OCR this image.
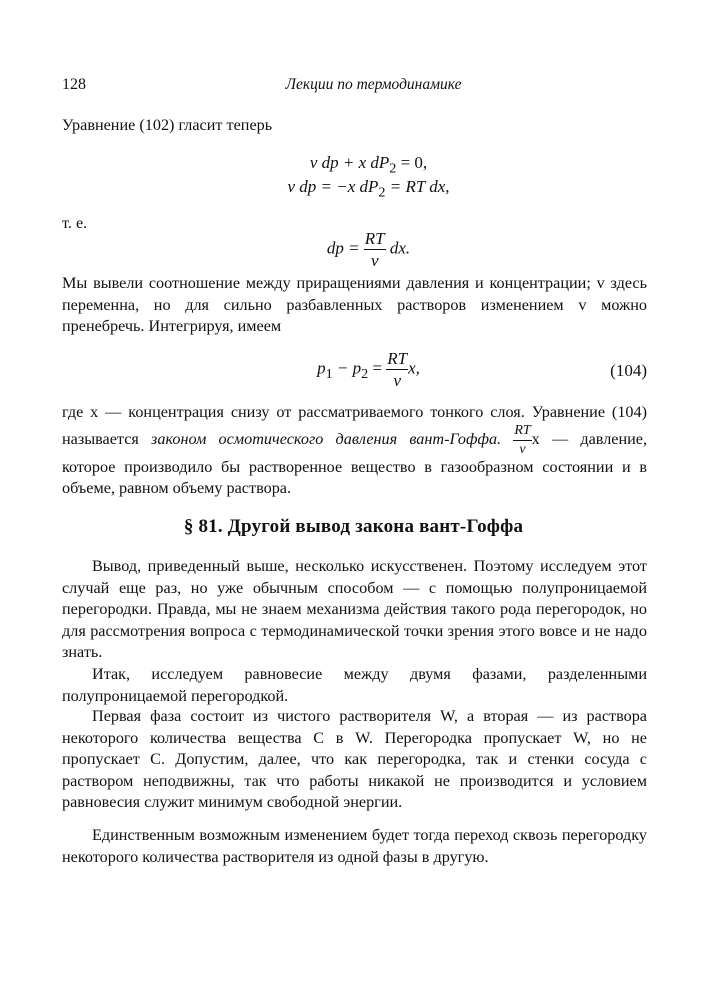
128	Лекции по термодинамике
Уравнение (102) гласит теперь
v dp + x $dP_2 = 0$,
v dp = −x $dP_2$ = RT dx,
т. е.
dp = $\frac{RT}{v}$ dx.
Мы вывели соотношение между приращениями давления и концентрации; v здесь переменна, но для сильно разбавленных растворов изменением v можно пренебречь. Интегрируя, имеем
$p_1 - p_2 = \frac{RT}{v} x$,	(104)
где x — концентрация снизу от рассматриваемого тонкого слоя. Уравнение (104) называется законом осмотического давления вант-Гоффа. $\frac{RT}{v}$ x — давление, которое производило бы растворенное вещество в газообразном состоянии и в объеме, равном объему раствора.
§ 81. Другой вывод закона вант-Гоффа
Вывод, приведенный выше, несколько искусственен. Поэтому исследуем этот случай еще раз, но уже обычным способом — с помощью полупроницаемой перегородки. Правда, мы не знаем механизма действия такого рода перегородок, но для рассмотрения вопроса с термодинамической точки зрения этого вовсе и не надо знать.
Итак, исследуем равновесие между двумя фазами, разделенными полупроницаемой перегородкой.
Первая фаза состоит из чистого растворителя W, а вторая — из раствора некоторого количества вещества C в W. Перегородка пропускает W, но не пропускает C. Допустим, далее, что как перегородка, так и стенки сосуда с раствором неподвижны, так что работы никакой не производится и условием равновесия служит минимум свободной энергии.
Единственным возможным изменением будет тогда переход сквозь перегородку некоторого количества растворителя из одной фазы в другую.
